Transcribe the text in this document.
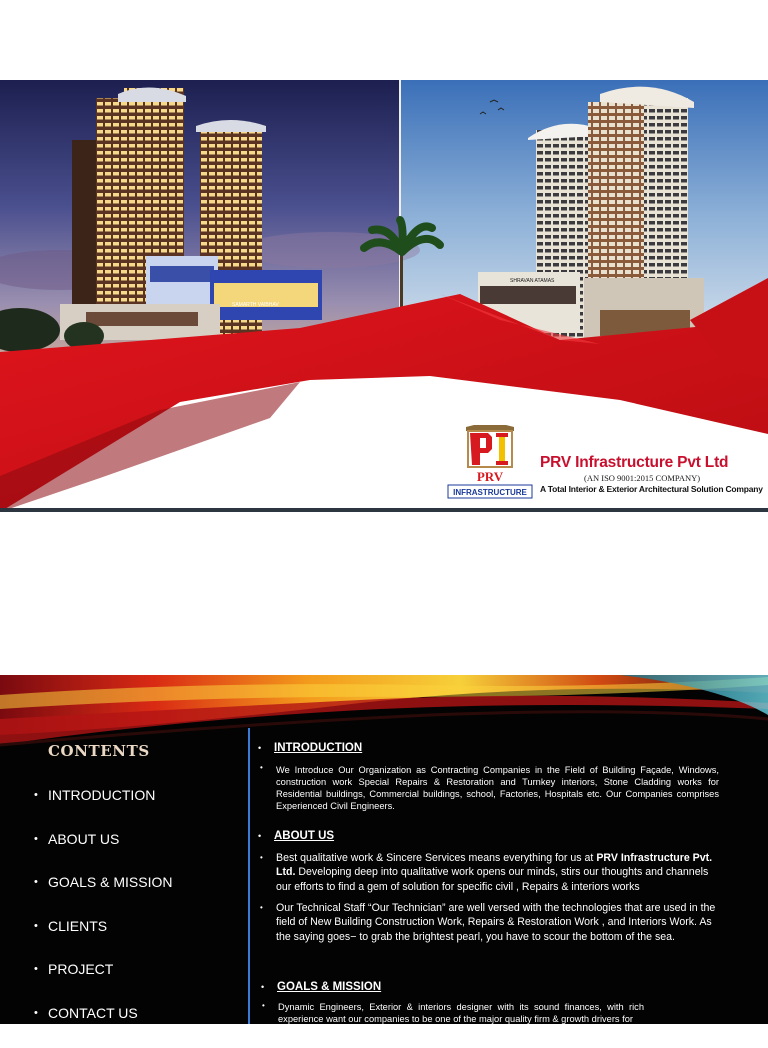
SAMARTH VAIBHAV
SHRAVAN ATAMAS
PRV
INFRASTRUCTURE
PRV Infrastructure Pvt Ltd
(AN ISO 9001:2015 COMPANY)
A Total Interior & Exterior Architectural Solution Company
CONTENTS
• INTRODUCTION
• ABOUT US
• GOALS & MISSION
• CLIENTS
• PROJECT
• CONTACT US
• INTRODUCTION
• We Introduce Our Organization as Contracting Companies in the Field of Building Façade, Windows, construction work Special Repairs & Restoration and Turnkey interiors, Stone Cladding works for Residential buildings, Commercial buildings, school, Factories, Hospitals etc. Our Companies comprises Experienced Civil Engineers.
• ABOUT US
• Best qualitative work & Sincere Services means everything for us at PRV Infrastructure Pvt. Ltd. Developing deep into qualitative work opens our minds, stirs our thoughts and channels our efforts to find a gem of solution for specific civil , Repairs & interiors works
• Our Technical Staff “Our Technician” are well versed with the technologies that are used in the field of New Building Construction Work, Repairs & Restoration Work , and Interiors Work. As the saying goes− to grab the brightest pearl, you have to scour the bottom of the sea.
• GOALS & MISSION
• Dynamic Engineers, Exterior & interiors designer with its sound finances, with rich experience want our companies to be one of the major quality firm & growth drivers for
